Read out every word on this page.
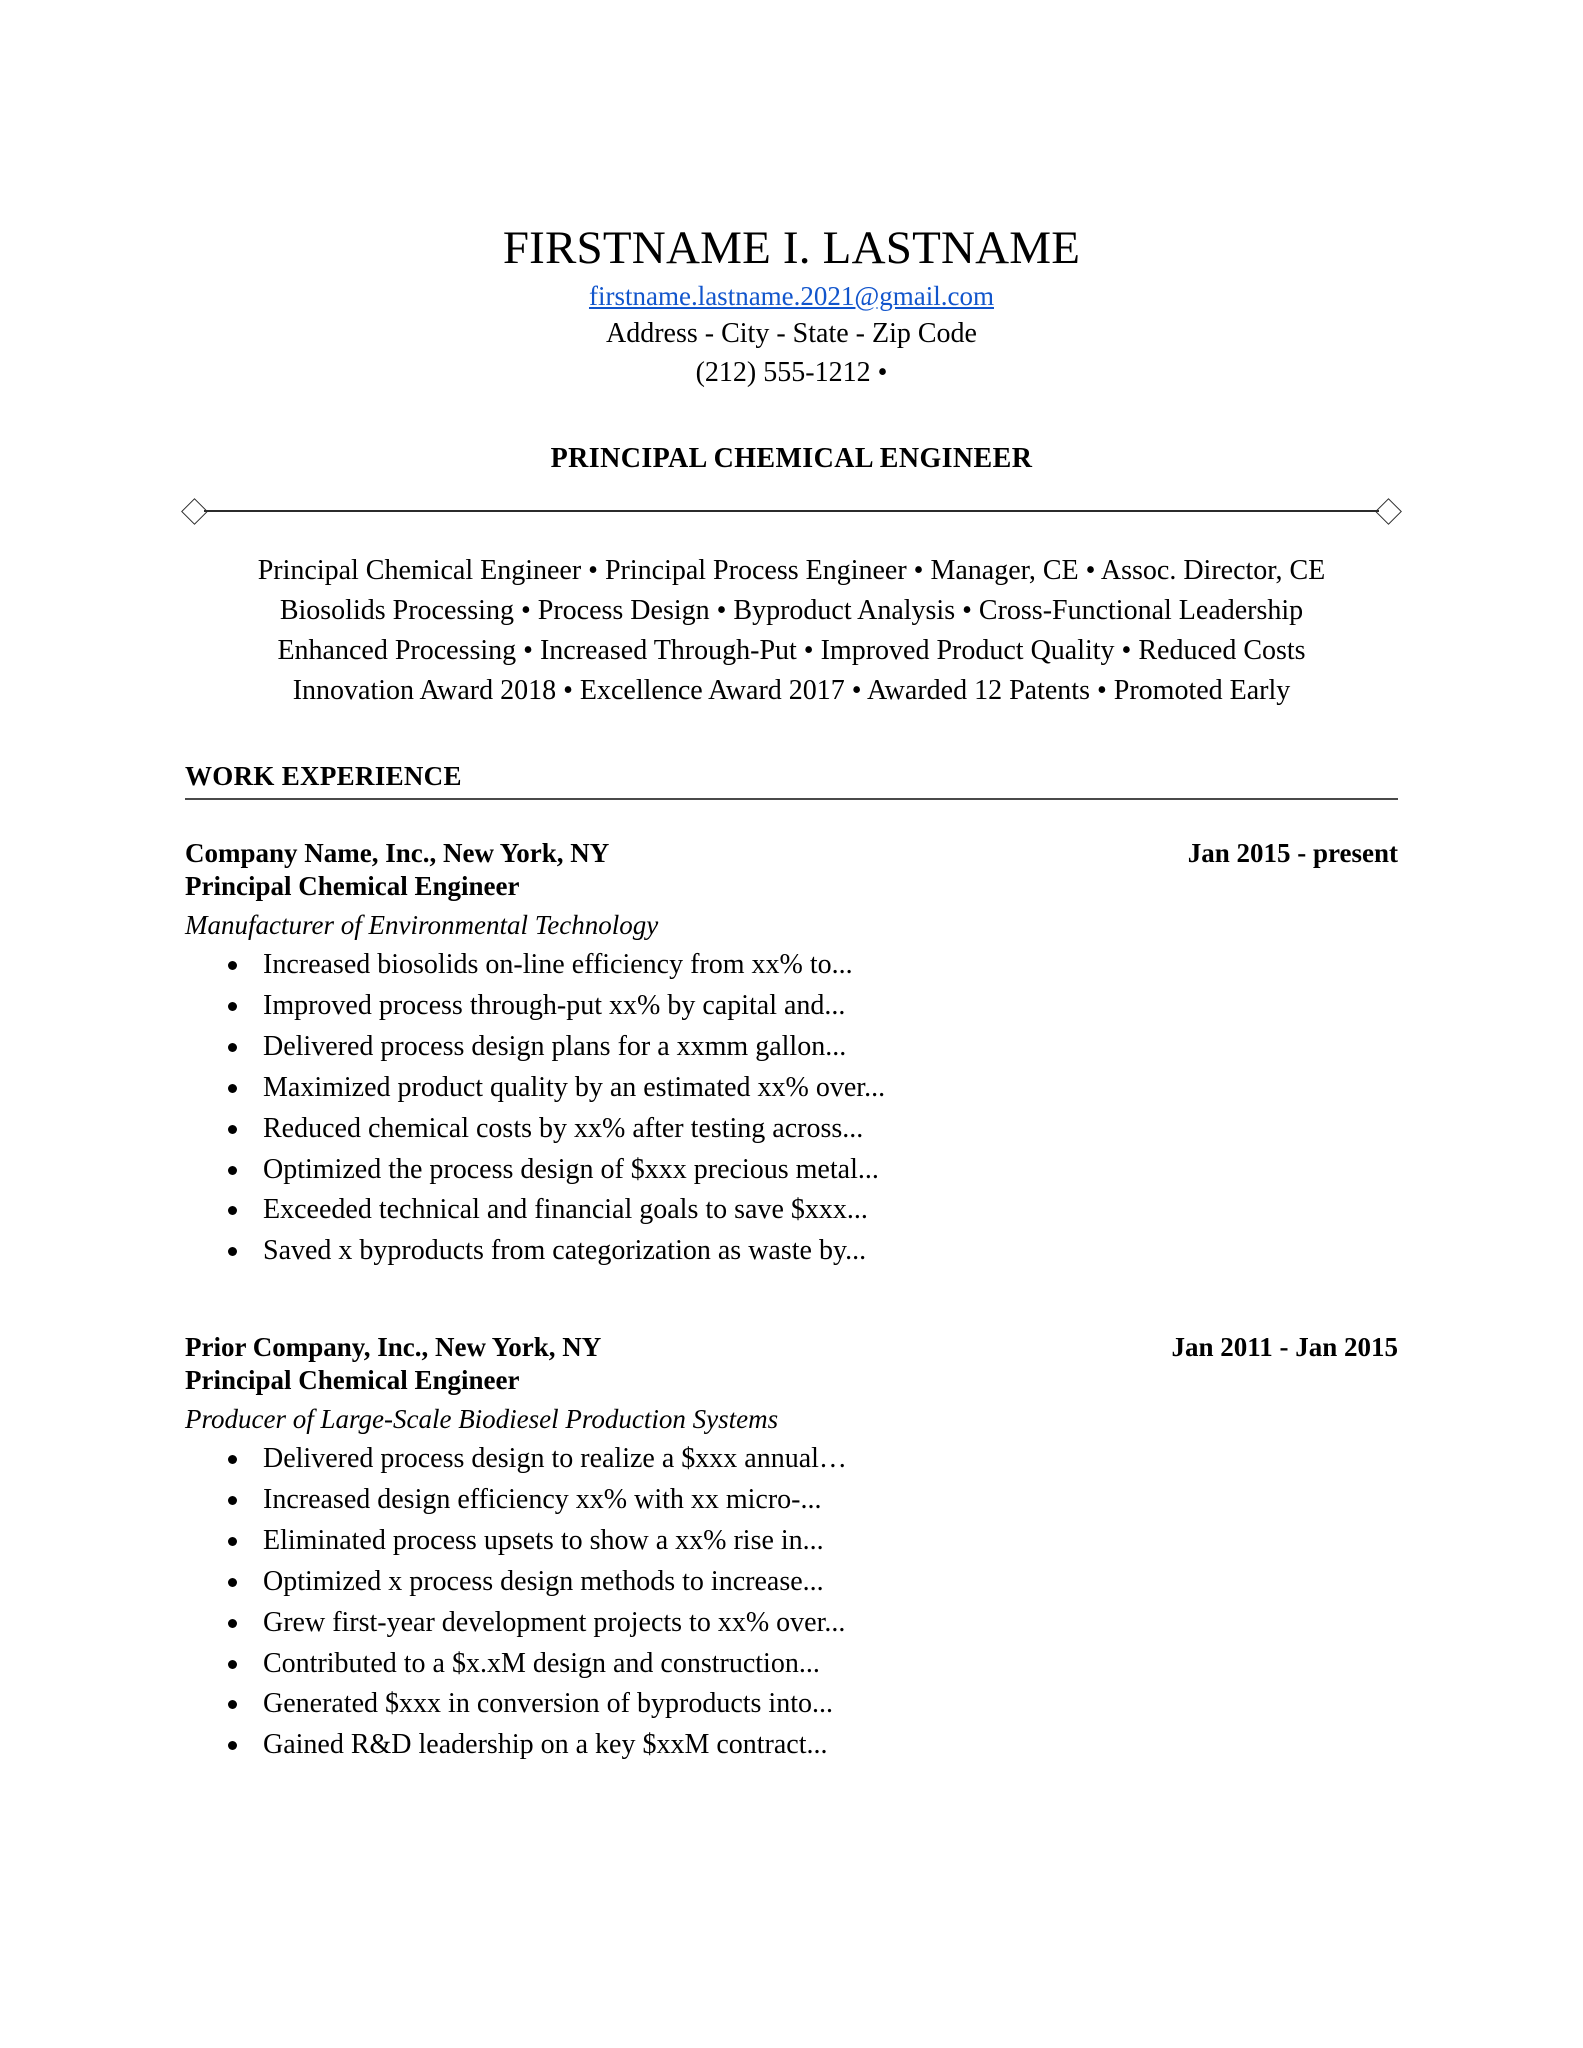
FIRSTNAME I. LASTNAME
firstname.lastname.2021@gmail.com
Address - City - State - Zip Code
(212) 555-1212 •
PRINCIPAL CHEMICAL ENGINEER
Principal Chemical Engineer • Principal Process Engineer • Manager, CE • Assoc. Director, CE
Biosolids Processing • Process Design • Byproduct Analysis • Cross-Functional Leadership
Enhanced Processing • Increased Through-Put • Improved Product Quality • Reduced Costs
Innovation Award 2018 • Excellence Award 2017 • Awarded 12 Patents • Promoted Early
WORK EXPERIENCE
Company Name, Inc., New York, NY	Jan 2015 - present
Principal Chemical Engineer
Manufacturer of Environmental Technology
Increased biosolids on-line efficiency from xx% to...
Improved process through-put xx% by capital and...
Delivered process design plans for a xxmm gallon...
Maximized product quality by an estimated xx% over...
Reduced chemical costs by xx% after testing across...
Optimized the process design of $xxx precious metal...
Exceeded technical and financial goals to save $xxx...
Saved x byproducts from categorization as waste by...
Prior Company, Inc., New York, NY	Jan 2011 - Jan 2015
Principal Chemical Engineer
Producer of Large-Scale Biodiesel Production Systems
Delivered process design to realize a $xxx annual…
Increased design efficiency xx% with xx micro-...
Eliminated process upsets to show a xx% rise in...
Optimized x process design methods to increase...
Grew first-year development projects to xx% over...
Contributed to a $x.xM design and construction...
Generated $xxx in conversion of byproducts into...
Gained R&D leadership on a key $xxM contract...
